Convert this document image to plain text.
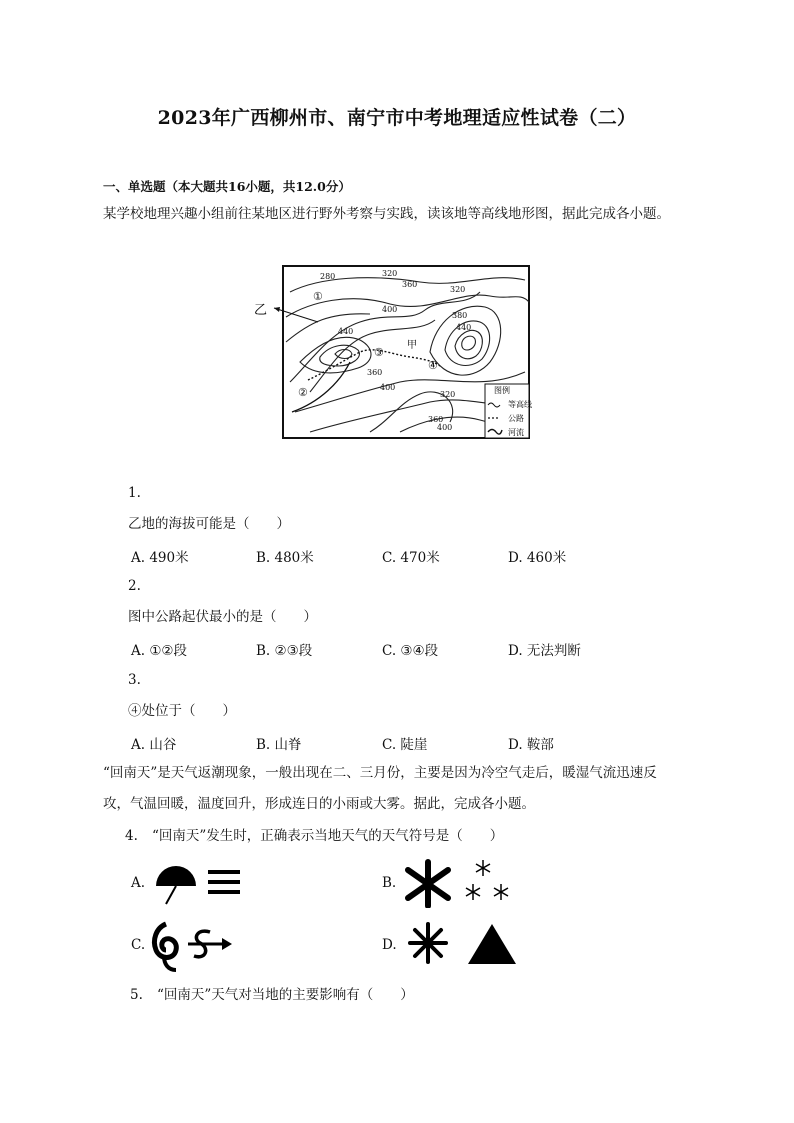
2023年广西柳州市、南宁市中考地理适应性试卷（二）
一、单选题（本大题共16小题，共12.0分）
某学校地理兴趣小组前往某地区进行野外考察与实践，读该地等高线地形图，据此完成各小题。
280	320
360
320
400
440
380
440
360
400
320
360
400
①
②
③
④
乙
甲
图例
等高线
公路
河流
1.
乙地的海拔可能是（　　）
A. 490米	B. 480米	C. 470米	D. 460米
2.
图中公路起伏最小的是（　　）
A. ①②段	B. ②③段	C. ③④段	D. 无法判断
3.
④处位于（　　）
A. 山谷	B. 山脊	C. 陡崖	D. 鞍部
“回南天”是天气返潮现象，一般出现在二、三月份，主要是因为冷空气走后，暖湿气流迅速反
攻，气温回暖，温度回升，形成连日的小雨或大雾。据此，完成各小题。
4. “回南天”发生时，正确表示当地天气的天气符号是（　　）
A.	B.
C.	D.
5. “回南天”天气对当地的主要影响有（　　）
